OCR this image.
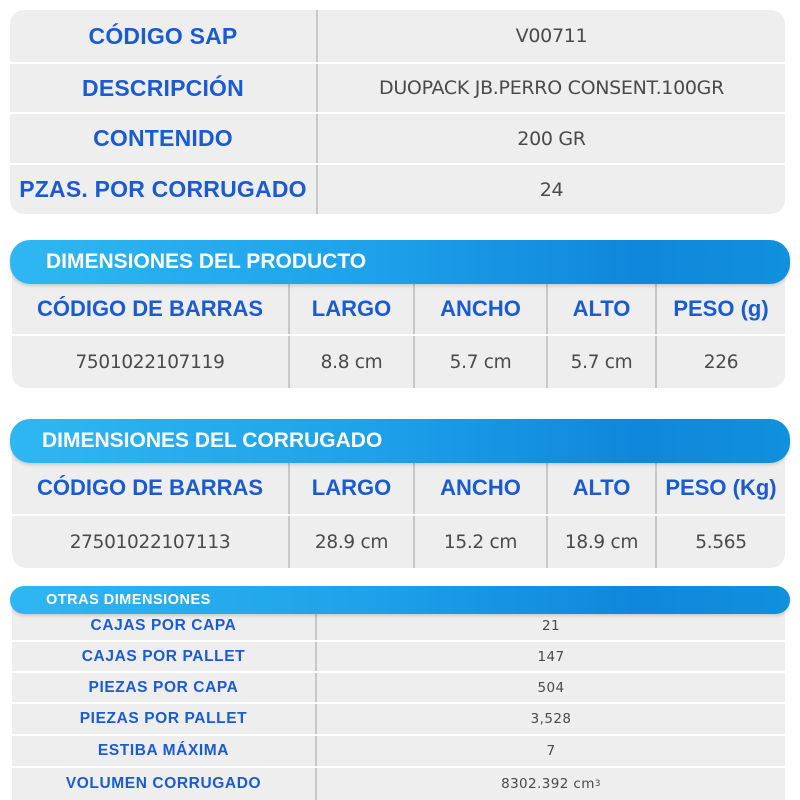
CÓDIGO SAP	V00711
DESCRIPCIÓN	DUOPACK JB.PERRO CONSENT.100GR
CONTENIDO	200 GR
PZAS. POR CORRUGADO	24
DIMENSIONES DEL PRODUCTO
CÓDIGO DE BARRAS	LARGO	ANCHO	ALTO	PESO (g)
7501022107119	8.8 cm	5.7 cm	5.7 cm	226
DIMENSIONES DEL CORRUGADO
CÓDIGO DE BARRAS	LARGO	ANCHO	ALTO	PESO (Kg)
27501022107113	28.9 cm	15.2 cm	18.9 cm	5.565
OTRAS DIMENSIONES
CAJAS POR CAPA	21
CAJAS POR PALLET	147
PIEZAS POR CAPA	504
PIEZAS POR PALLET	3,528
ESTIBA MÁXIMA	7
VOLUMEN CORRUGADO	8302.392 cm 3
